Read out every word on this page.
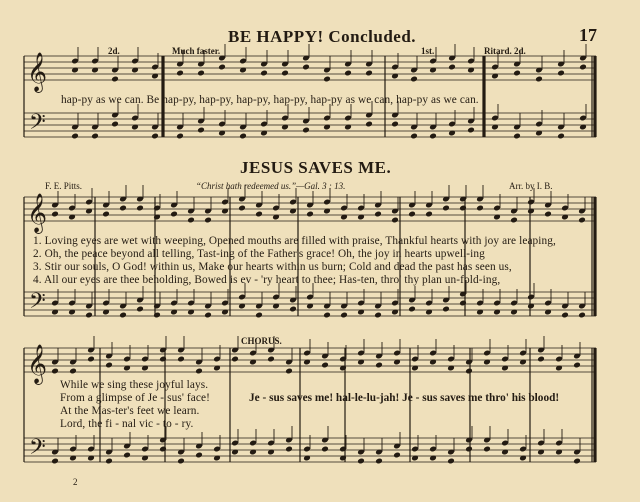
𝄞
𝄢
𝄞
𝄢
𝄞
𝄢
BE HAPPY! Concluded.	17
2d.	Much faster.	1st.	Ritard. 2d.
hap-py as we can. Be hap-py, hap-py, hap-py, hap-py, hap-py as we can, hap-py as we can.
JESUS SAVES ME.
F. E. Pitts.	“Christ hath redeemed us.”—Gal. 3 : 13.	Arr. by I. B.
1. Loving eyes are wet with weeping, Opened mouths are filled with praise, Thankful hearts with joy are leaping,
2. Oh, the peace beyond all telling, Tast-ing of the Father's grace! Oh, the joy in hearts upwell-ing
3. Stir our souls, O God! within us, Make our hearts within us burn; Cold and dead the past has seen us,
4. All our eyes are thee beholding, Bowed is ev - 'ry heart to thee; Has-ten, thro' thy plan un-fold-ing,
CHORUS.
While we sing these joyful lays.
From a glimpse of Je - sus' face!
At the Mas-ter's feet we learn.
Lord, the fi - nal vic - to - ry.
Je - sus saves me! hal-le-lu-jah! Je - sus saves me thro' his blood!
2
